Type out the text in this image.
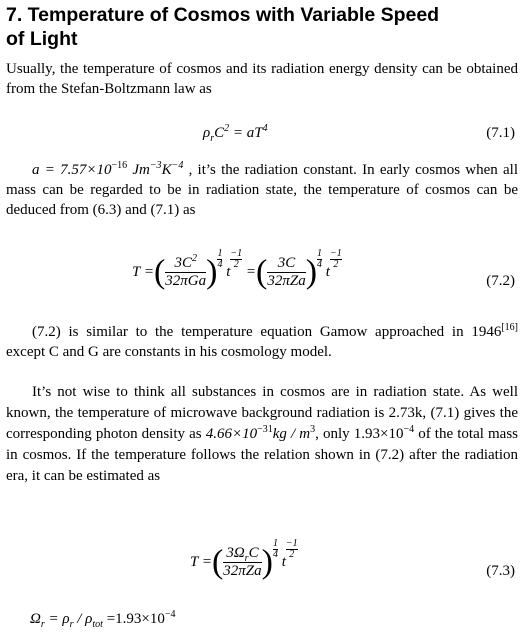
7. Temperature of Cosmos with Variable Speed
of Light

Usually, the temperature of cosmos and its radiation energy density can be obtained from the Stefan-Boltzmann law as

$\rho_rC^2 = aT^4$	(7.1)

$a = 7.57\times 10^{-16}$ $Jm^{-3}K^{-4}$ , it’s the radiation constant. In early cosmos when all mass can be regarded to be in radiation state, the temperature of cosmos can be deduced from (6.3) and (7.1) as

T =( $\frac{3C^2}{\text{32πGa}}$ ) $\frac{1}{4}$
t
$\frac{-1}{2}$
=( $\frac{3C}{\text{32πZa}}$ ) $\frac{1}{4}$
t
$\frac{-1}{2}$
(7.2)

(7.2) is similar to the temperature equation Gamow approached in 1946[16] except C and G are constants in his cosmology model.

It’s not wise to think all substances in cosmos are in radiation state. As well known, the temperature of microwave background radiation is 2.73k, (7.1) gives the corresponding photon density as $4.66\times 10^{-31}kg / m^3$, only $1.93\times 10^{-4}$ of the total mass in cosmos. If the temperature follows the relation shown in (7.2) after the radiation era, it can be estimated as

T =( $\frac{3\Omega_rC}{\text{32πZa}}$ ) $\frac{1}{4}$
t
$\frac{-1}{2}$
(7.3)
$\Omega_r = \rho_r / \rho_{tot} =1.93\times 10^{-4}$
